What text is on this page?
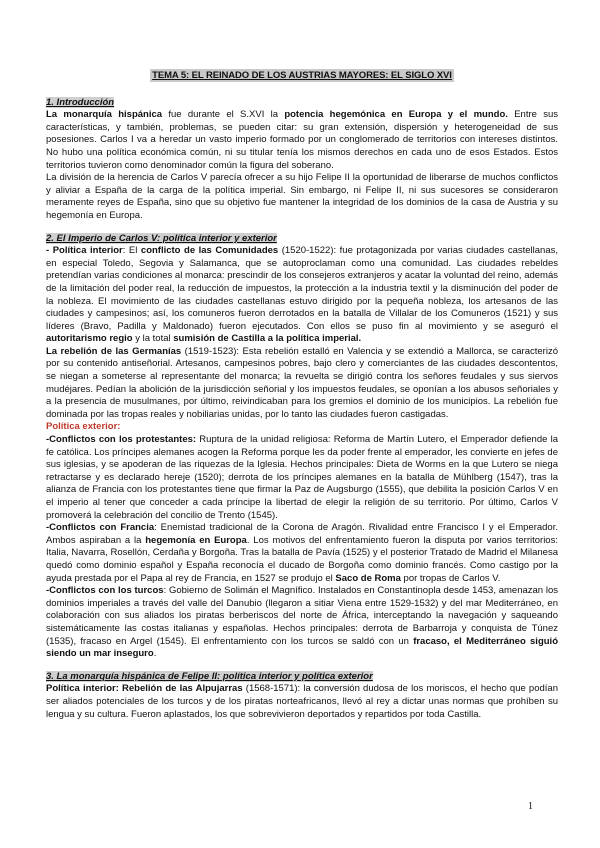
TEMA 5: EL REINADO DE LOS AUSTRIAS MAYORES: EL SIGLO XVI
1. Introducción

La monarquía hispánica fue durante el S.XVI la potencia hegemónica en Europa y el mundo. Entre sus características, y también, problemas, se pueden citar: su gran extensión, dispersión y heterogeneidad de sus posesiones. Carlos I va a heredar un vasto imperio formado por un conglomerado de territorios con intereses distintos. No hubo una política económica común, ni su titular tenía los mismos derechos en cada uno de esos Estados. Estos territorios tuvieron como denominador común la figura del soberano.

La división de la herencia de Carlos V parecía ofrecer a su hijo Felipe II la oportunidad de liberarse de muchos conflictos y aliviar a España de la carga de la política imperial. Sin embargo, ni Felipe II, ni sus sucesores se consideraron meramente reyes de España, sino que su objetivo fue mantener la integridad de los dominios de la casa de Austria y su hegemonía en Europa.

2. El Imperio de Carlos V: política interior y exterior

- Política interior: El conflicto de las Comunidades (1520-1522): fue protagonizada por varias ciudades castellanas, en especial Toledo, Segovia y Salamanca, que se autoproclaman como una comunidad. Las ciudades rebeldes pretendían varias condiciones al monarca: prescindir de los consejeros extranjeros y acatar la voluntad del reino, además de la limitación del poder real, la reducción de impuestos, la protección a la industria textil y la disminución del poder de la nobleza. El movimiento de las ciudades castellanas estuvo dirigido por la pequeña nobleza, los artesanos de las ciudades y campesinos; así, los comuneros fueron derrotados en la batalla de Villalar de los Comuneros (1521) y sus líderes (Bravo, Padilla y Maldonado) fueron ejecutados. Con ellos se puso fin al movimiento y se aseguró el autoritarismo regio y la total sumisión de Castilla a la política imperial.

La rebelión de las Germanías (1519-1523): Esta rebelión estalló en Valencia y se extendió a Mallorca, se caracterizó por su contenido antiseñorial. Artesanos, campesinos pobres, bajo clero y comerciantes de las ciudades descontentos, se niegan a someterse al representante del monarca; la revuelta se dirigió contra los señores feudales y sus siervos mudéjares. Pedían la abolición de la jurisdicción señorial y los impuestos feudales, se oponían a los abusos señoriales y a la presencia de musulmanes, por último, reivindicaban para los gremios el dominio de los municipios. La rebelión fue dominada por las tropas reales y nobiliarias unidas, por lo tanto las ciudades fueron castigadas.

Política exterior:

-Conflictos con los protestantes: Ruptura de la unidad religiosa: Reforma de Martín Lutero, el Emperador defiende la fe católica. Los príncipes alemanes acogen la Reforma porque les da poder frente al emperador, les convierte en jefes de sus iglesias, y se apoderan de las riquezas de la Iglesia. Hechos principales: Dieta de Worms en la que Lutero se niega retractarse y es declarado hereje (1520); derrota de los príncipes alemanes en la batalla de Mühlberg (1547), tras la alianza de Francia con los protestantes tiene que firmar la Paz de Augsburgo (1555), que debilita la posición Carlos V en el imperio al tener que conceder a cada príncipe la libertad de elegir la religión de su territorio. Por último, Carlos V promoverá la celebración del concilio de Trento (1545).

-Conflictos con Francia: Enemistad tradicional de la Corona de Aragón. Rivalidad entre Francisco I y el Emperador. Ambos aspiraban a la hegemonía en Europa. Los motivos del enfrentamiento fueron la disputa por varios territorios: Italia, Navarra, Rosellón, Cerdaña y Borgoña. Tras la batalla de Pavía (1525) y el posterior Tratado de Madrid el Milanesa quedó como dominio español y España reconocía el ducado de Borgoña como dominio francés. Como castigo por la ayuda prestada por el Papa al rey de Francia, en 1527 se produjo el Saco de Roma por tropas de Carlos V.

-Conflictos con los turcos: Gobierno de Solimán el Magnífico. Instalados en Constantinopla desde 1453, amenazan los dominios imperiales a través del valle del Danubio (llegaron a sitiar Viena entre 1529-1532) y del mar Mediterráneo, en colaboración con sus aliados los piratas berberiscos del norte de África, interceptando la navegación y saqueando sistemáticamente las costas italianas y españolas. Hechos principales: derrota de Barbarroja y conquista de Túnez (1535), fracaso en Argel (1545). El enfrentamiento con los turcos se saldó con un fracaso, el Mediterráneo siguió siendo un mar inseguro.

3. La monarquía hispánica de Felipe II: política interior y política exterior

Política interior: Rebelión de las Alpujarras (1568-1571): la conversión dudosa de los moriscos, el hecho que podían ser aliados potenciales de los turcos y de los piratas norteafricanos, llevó al rey a dictar unas normas que prohíben su lengua y su cultura. Fueron aplastados, los que sobrevivieron deportados y repartidos por toda Castilla.

1
